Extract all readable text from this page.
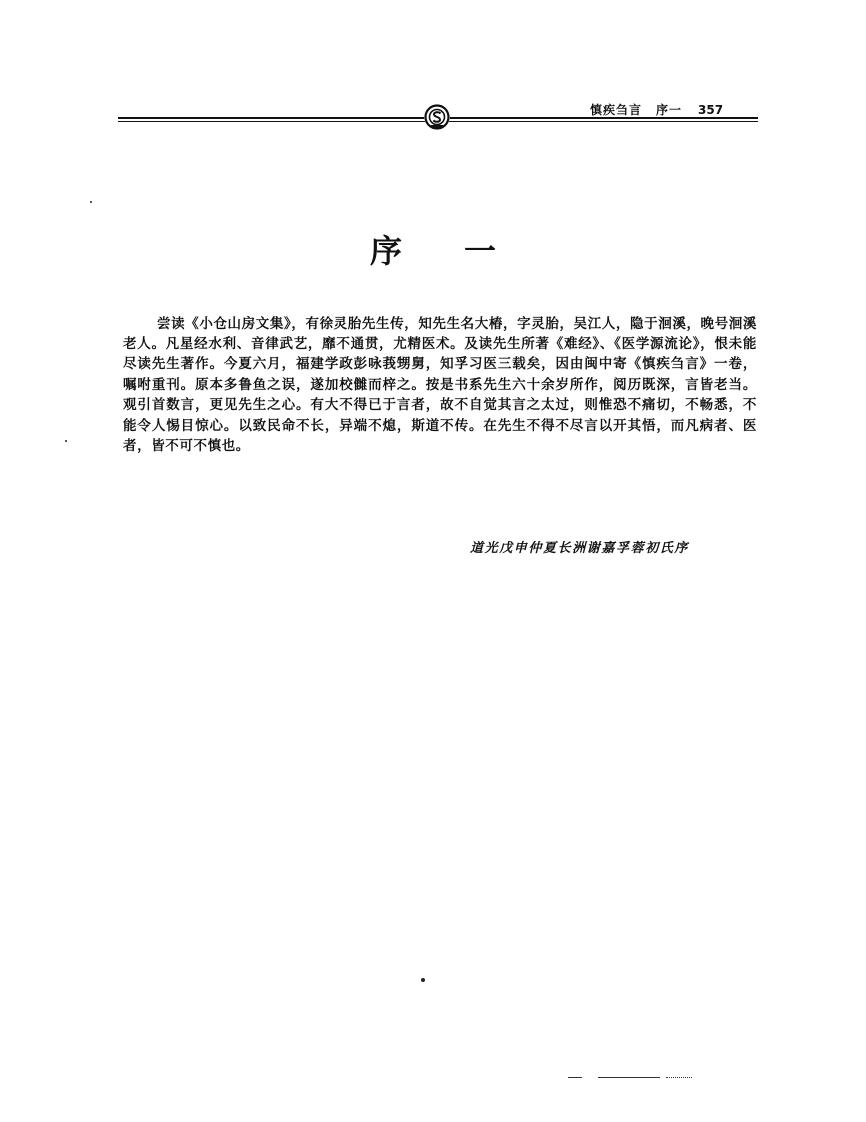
慎疾刍言 序一 357
序一

尝读《小仓山房文集》，有徐灵胎先生传，知先生名大椿，字灵胎，吴江人，隐于洄溪，晚号洄溪老人。凡星经水利、音律武艺，靡不通贯，尤精医术。及读先生所著《难经》、《医学源流论》，恨未能尽读先生著作。今夏六月，福建学政彭咏莪甥舅，知孚习医三载矣，因由闽中寄《慎疾刍言》一卷，嘱咐重刊。原本多鲁鱼之误，遂加校雠而梓之。按是书系先生六十余岁所作，阅历既深，言皆老当。观引首数言，更见先生之心。有大不得已于言者，故不自觉其言之太过，则惟恐不痛切，不畅悉，不能令人惕目惊心。以致民命不长，异端不熄，斯道不传。在先生不得不尽言以开其悟，而凡病者、医者，皆不可不慎也。

道光戊申仲夏长洲谢嘉孚蓉初氏序
